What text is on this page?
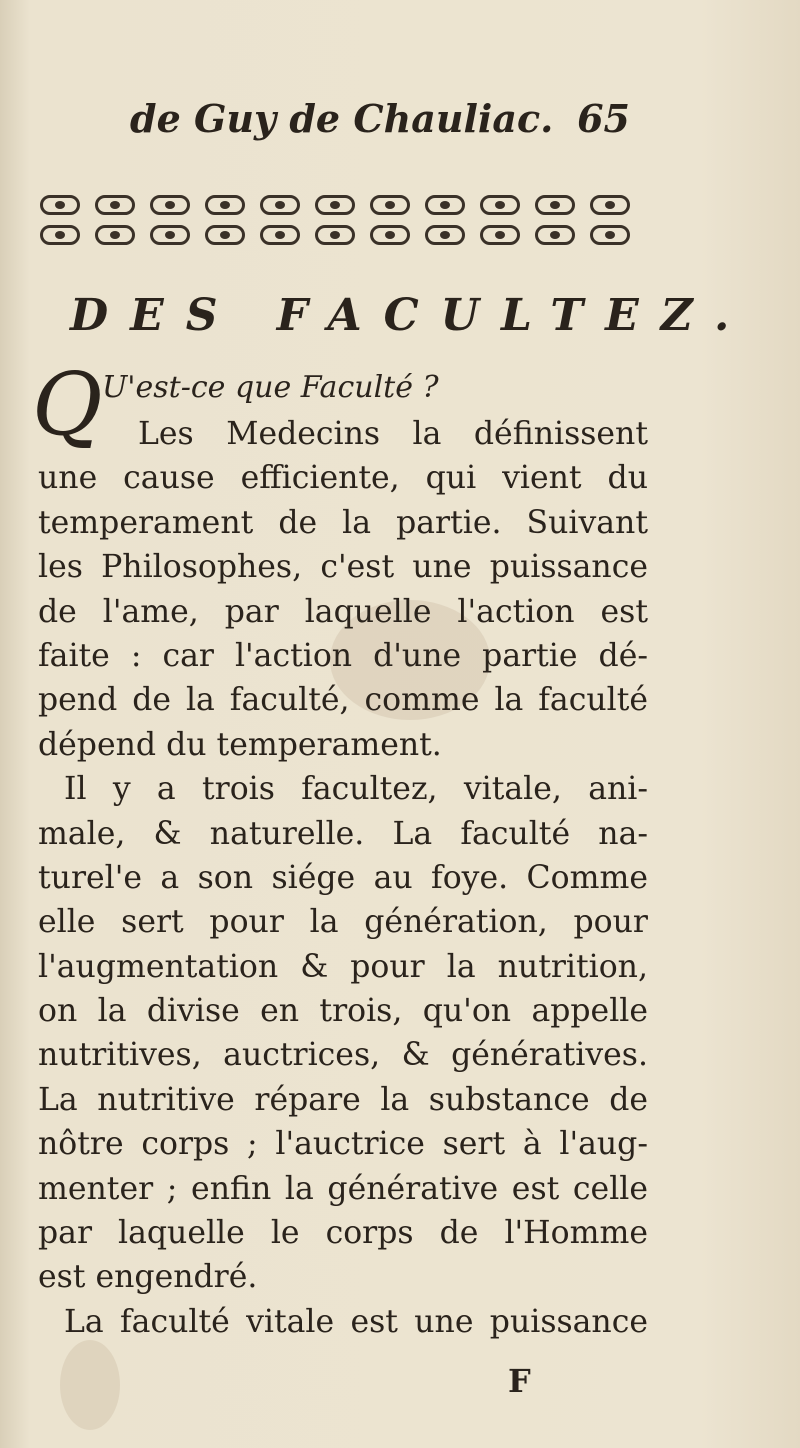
de Guy de Chauliac. 65
DES FACULTEZ.
Q U'est-ce que Faculté ?
Les Medecins la définissent
une cause efficiente, qui vient du
temperament de la partie. Suivant
les Philosophes, c'est une puissance
de l'ame, par laquelle l'action est
faite : car l'action d'une partie dé-
pend de la faculté, comme la faculté
dépend du temperament.
Il y a trois facultez, vitale, ani-
male, & naturelle. La faculté na-
turel'e a son siége au foye. Comme
elle sert pour la génération, pour
l'augmentation & pour la nutrition,
on la divise en trois, qu'on appelle
nutritives, auctrices, & génératives.
La nutritive répare la substance de
nôtre corps ; l'auctrice sert à l'aug-
menter ; enfin la générative est celle
par laquelle le corps de l'Homme
est engendré.
La faculté vitale est une puissance
F
